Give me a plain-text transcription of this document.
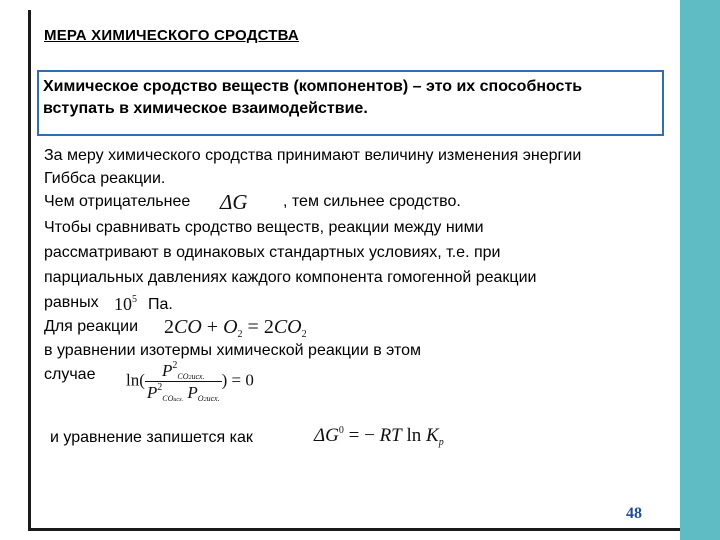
МЕРА ХИМИЧЕСКОГО СРОДСТВА
Химическое сродство веществ (компонентов) – это их способность
вступать в химическое взаимодействие.
За меру химического сродства принимают величину изменения энергии
Гиббса реакции.
Чем отрицательнее ΔG , тем сильнее сродство.
Чтобы сравнивать сродство веществ, реакции между ними
рассматривают в одинаковых стандартных условиях, т.е. при
парциальных давлениях каждого компонента гомогенной реакции
равных $10^5$ Па.
Для реакции $2CO + O_2 = 2CO_2$
в уравнении изотермы химической реакции в этом
случае $\ln( \frac{P^2CO2исх.}{P^2COисх. PO2исх.}$ ) = 0
и уравнение запишется как	$\Delta G^0$ = − RT $\ln K_p$
48
